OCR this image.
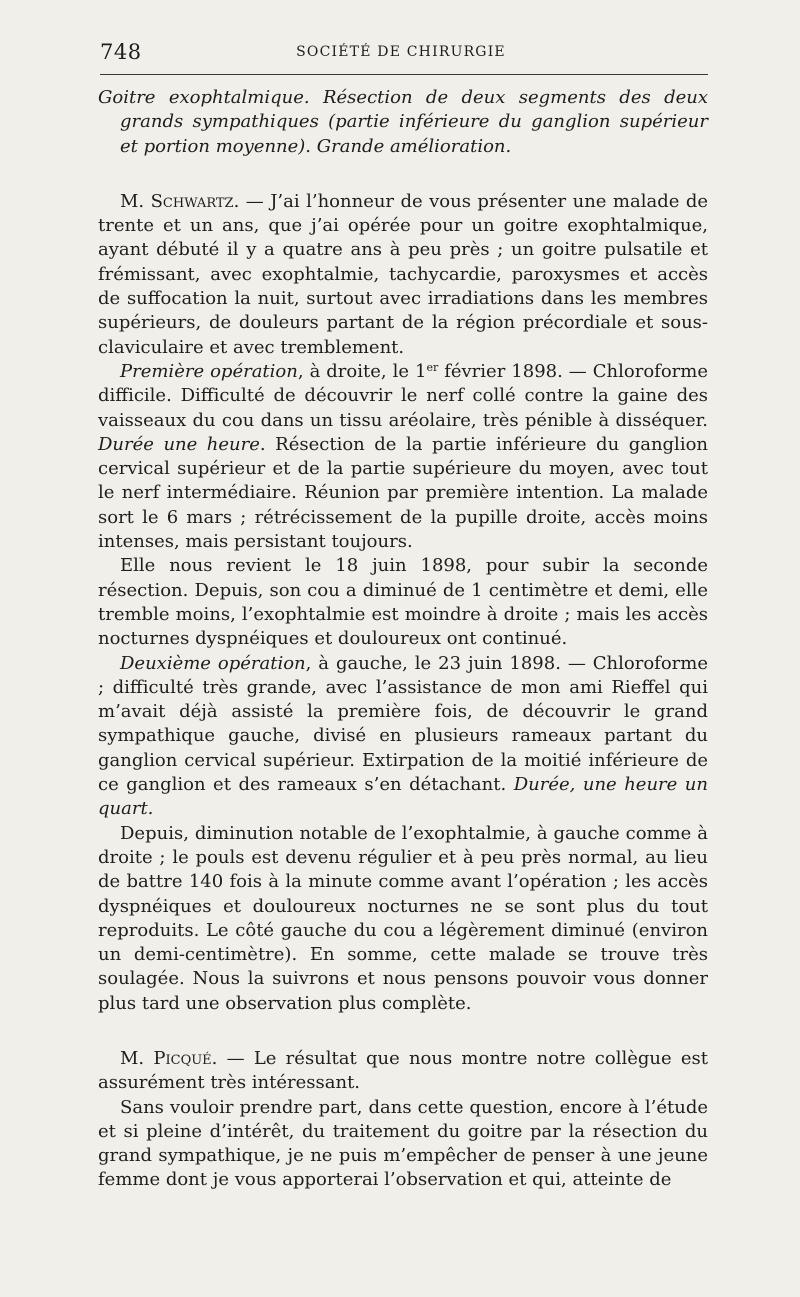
748	SOCIÉTÉ DE CHIRURGIE
Goitre exophtalmique. Résection de deux segments des deux grands sympathiques (partie inférieure du ganglion supérieur et portion moyenne). Grande amélioration.

M. Schwartz. — J’ai l’honneur de vous présenter une malade de trente et un ans, que j’ai opérée pour un goitre exophtalmique, ayant débuté il y a quatre ans à peu près ; un goitre pulsatile et frémissant, avec exophtalmie, tachycardie, paroxysmes et accès de suffocation la nuit, surtout avec irradiations dans les membres supérieurs, de douleurs partant de la région précordiale et sous-claviculaire et avec tremblement.

Première opération, à droite, le 1er février 1898. — Chloroforme difficile. Difficulté de découvrir le nerf collé contre la gaine des vaisseaux du cou dans un tissu aréolaire, très pénible à disséquer. Durée une heure. Résection de la partie inférieure du ganglion cervical supérieur et de la partie supérieure du moyen, avec tout le nerf intermédiaire. Réunion par première intention. La malade sort le 6 mars ; rétrécissement de la pupille droite, accès moins intenses, mais persistant toujours.

Elle nous revient le 18 juin 1898, pour subir la seconde résection. Depuis, son cou a diminué de 1 centimètre et demi, elle tremble moins, l’exophtalmie est moindre à droite ; mais les accès nocturnes dyspnéiques et douloureux ont continué.

Deuxième opération, à gauche, le 23 juin 1898. — Chloroforme ; difficulté très grande, avec l’assistance de mon ami Rieffel qui m’avait déjà assisté la première fois, de découvrir le grand sympathique gauche, divisé en plusieurs rameaux partant du ganglion cervical supérieur. Extirpation de la moitié inférieure de ce ganglion et des rameaux s’en détachant. Durée, une heure un quart.

Depuis, diminution notable de l’exophtalmie, à gauche comme à droite ; le pouls est devenu régulier et à peu près normal, au lieu de battre 140 fois à la minute comme avant l’opération ; les accès dyspnéiques et douloureux nocturnes ne se sont plus du tout reproduits. Le côté gauche du cou a légèrement diminué (environ un demi-centimètre). En somme, cette malade se trouve très soulagée. Nous la suivrons et nous pensons pouvoir vous donner plus tard une observation plus complète.

M. Picqué. — Le résultat que nous montre notre collègue est assurément très intéressant.

Sans vouloir prendre part, dans cette question, encore à l’étude et si pleine d’intérêt, du traitement du goitre par la résection du grand sympathique, je ne puis m’empêcher de penser à une jeune femme dont je vous apporterai l’observation et qui, atteinte de
